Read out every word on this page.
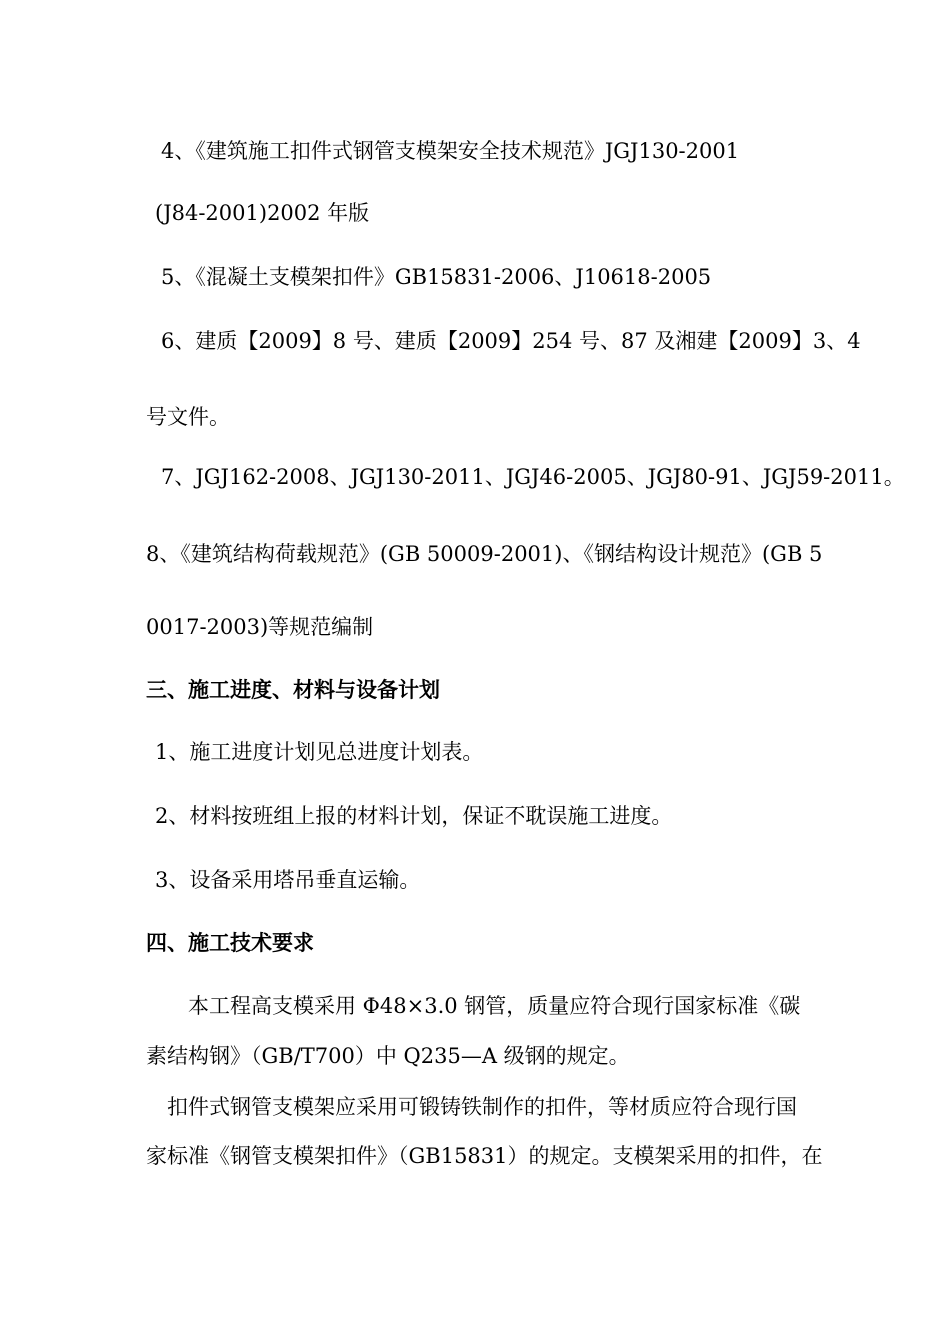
4、《建筑施工扣件式钢管支模架安全技术规范》JGJ130-2001
(J84-2001)2002 年版
5、《混凝土支模架扣件》GB15831-2006、J10618-2005
6、建质【2009】8 号、建质【2009】254 号、87 及湘建【2009】3、4
号文件。
7、JGJ162-2008、JGJ130-2011、JGJ46-2005、JGJ80-91、JGJ59-2011。
8、《建筑结构荷载规范》(GB 50009-2001)、《钢结构设计规范》(GB 5
0017-2003)等规范编制
三、施工进度、材料与设备计划
1、施工进度计划见总进度计划表。
2、材料按班组上报的材料计划，保证不耽误施工进度。
3、设备采用塔吊垂直运输。
四、施工技术要求
本工程高支模采用 Φ48×3.0 钢管，质量应符合现行国家标准《碳
素结构钢》（GB/T700）中 Q235—A 级钢的规定。
扣件式钢管支模架应采用可锻铸铁制作的扣件，等材质应符合现行国
家标准《钢管支模架扣件》（GB15831）的规定。支模架采用的扣件，在
